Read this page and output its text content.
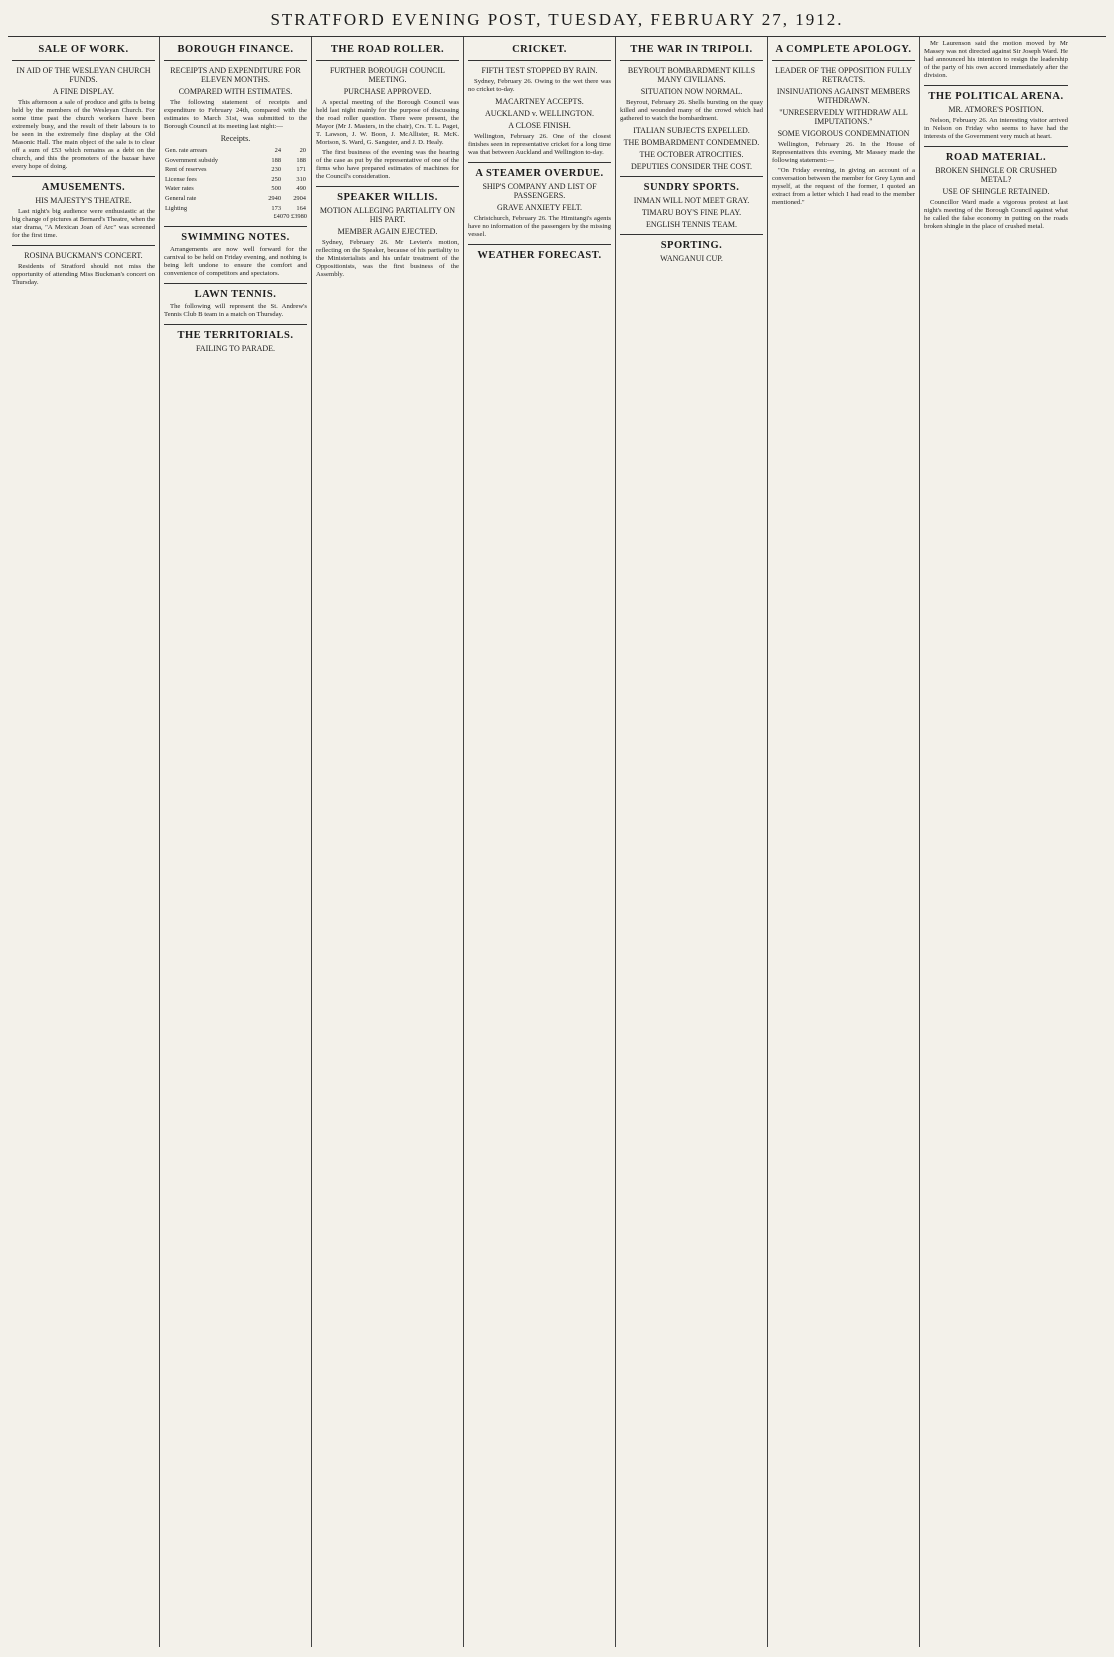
STRATFORD EVENING POST, TUESDAY, FEBRUARY 27, 1912.
SALE OF WORK.
IN AID OF THE WESLEYAN CHURCH FUNDS.
A FINE DISPLAY.

This afternoon a sale of produce and gifts is being held by the members of the Wesleyan Church. For some time past the church workers have been extremely busy, and the result of their labours is to be seen in the extremely fine display at the Old Masonic Hall. The main object of the sale is to clear off a sum of £53 which remains as a debt on the church, and this the promoters of the bazaar have every hope of doing.

AMUSEMENTS.
HIS MAJESTY'S THEATRE.

Last night's big audience were enthusiastic at the big change of pictures at Bernard's Theatre, when the star drama, "A Mexican Joan of Arc" was screened for the first time.

ROSINA BUCKMAN'S CONCERT.

Residents of Stratford should not miss the opportunity of attending Miss Buckman's concert on Thursday.

BOROUGH FINANCE.
RECEIPTS AND EXPENDITURE FOR ELEVEN MONTHS.
COMPARED WITH ESTIMATES.

The following statement of receipts and expenditure to February 24th, compared with the estimates to March 31st, was submitted to the Borough Council at its meeting last night:—

Receipts.
Gen. rate arrears	24	20
Government subsidy	188	188
Rent of reserves	230	171
License fees	250	310
Water rates	500	490
General rate	2940	2904
Lighting	173	164

£4070 £3980

SWIMMING NOTES.

Arrangements are now well forward for the carnival to be held on Friday evening, and nothing is being left undone to ensure the comfort and convenience of competitors and spectators.

LAWN TENNIS.

The following will represent the St. Andrew's Tennis Club B team in a match on Thursday.

THE TERRITORIALS.
FAILING TO PARADE.
THE ROAD ROLLER.
FURTHER BOROUGH COUNCIL MEETING.
PURCHASE APPROVED.

A special meeting of the Borough Council was held last night mainly for the purpose of discussing the road roller question. There were present, the Mayor (Mr J. Masters, in the chair), Crs. T. L. Paget, T. Lawson, J. W. Boon, J. McAllister, R. McK. Morison, S. Ward, G. Sangster, and J. D. Healy.

The first business of the evening was the hearing of the case as put by the representative of one of the firms who have prepared estimates of machines for the Council's consideration.

SPEAKER WILLIS.
MOTION ALLEGING PARTIALITY ON HIS PART.
MEMBER AGAIN EJECTED.

Sydney, February 26. Mr Levien's motion, reflecting on the Speaker, because of his partiality to the Ministerialists and his unfair treatment of the Oppositionists, was the first business of the Assembly.

CRICKET.
FIFTH TEST STOPPED BY RAIN.

Sydney, February 26. Owing to the wet there was no cricket to-day.

MACARTNEY ACCEPTS.
AUCKLAND v. WELLINGTON.
A CLOSE FINISH.

Wellington, February 26. One of the closest finishes seen in representative cricket for a long time was that between Auckland and Wellington to-day.

A STEAMER OVERDUE.
SHIP'S COMPANY AND LIST OF PASSENGERS.
GRAVE ANXIETY FELT.

Christchurch, February 26. The Himitangi's agents have no information of the passengers by the missing vessel.

WEATHER FORECAST.
THE WAR IN TRIPOLI.
BEYROUT BOMBARDMENT KILLS MANY CIVILIANS.
SITUATION NOW NORMAL.

Beyrout, February 26. Shells bursting on the quay killed and wounded many of the crowd which had gathered to watch the bombardment.

ITALIAN SUBJECTS EXPELLED.
THE BOMBARDMENT CONDEMNED.
THE OCTOBER ATROCITIES.
DEPUTIES CONSIDER THE COST.
SUNDRY SPORTS.
INMAN WILL NOT MEET GRAY.
TIMARU BOY'S FINE PLAY.
ENGLISH TENNIS TEAM.
SPORTING.
WANGANUI CUP.
A COMPLETE APOLOGY.
LEADER OF THE OPPOSITION FULLY RETRACTS.
INSINUATIONS AGAINST MEMBERS WITHDRAWN.
"UNRESERVEDLY WITHDRAW ALL IMPUTATIONS."
SOME VIGOROUS CONDEMNATION

Wellington, February 26. In the House of Representatives this evening, Mr Massey made the following statement:—

"On Friday evening, in giving an account of a conversation between the member for Grey Lynn and myself, at the request of the former, I quoted an extract from a letter which I had read to the member mentioned."

Mr Laurenson said the motion moved by Mr Massey was not directed against Sir Joseph Ward. He had announced his intention to resign the leadership of the party of his own accord immediately after the division.

THE POLITICAL ARENA.
MR. ATMORE'S POSITION.

Nelson, February 26. An interesting visitor arrived in Nelson on Friday who seems to have had the interests of the Government very much at heart.

ROAD MATERIAL.
BROKEN SHINGLE OR CRUSHED METAL?
USE OF SHINGLE RETAINED.

Councillor Ward made a vigorous protest at last night's meeting of the Borough Council against what he called the false economy in putting on the roads broken shingle in the place of crushed metal.
